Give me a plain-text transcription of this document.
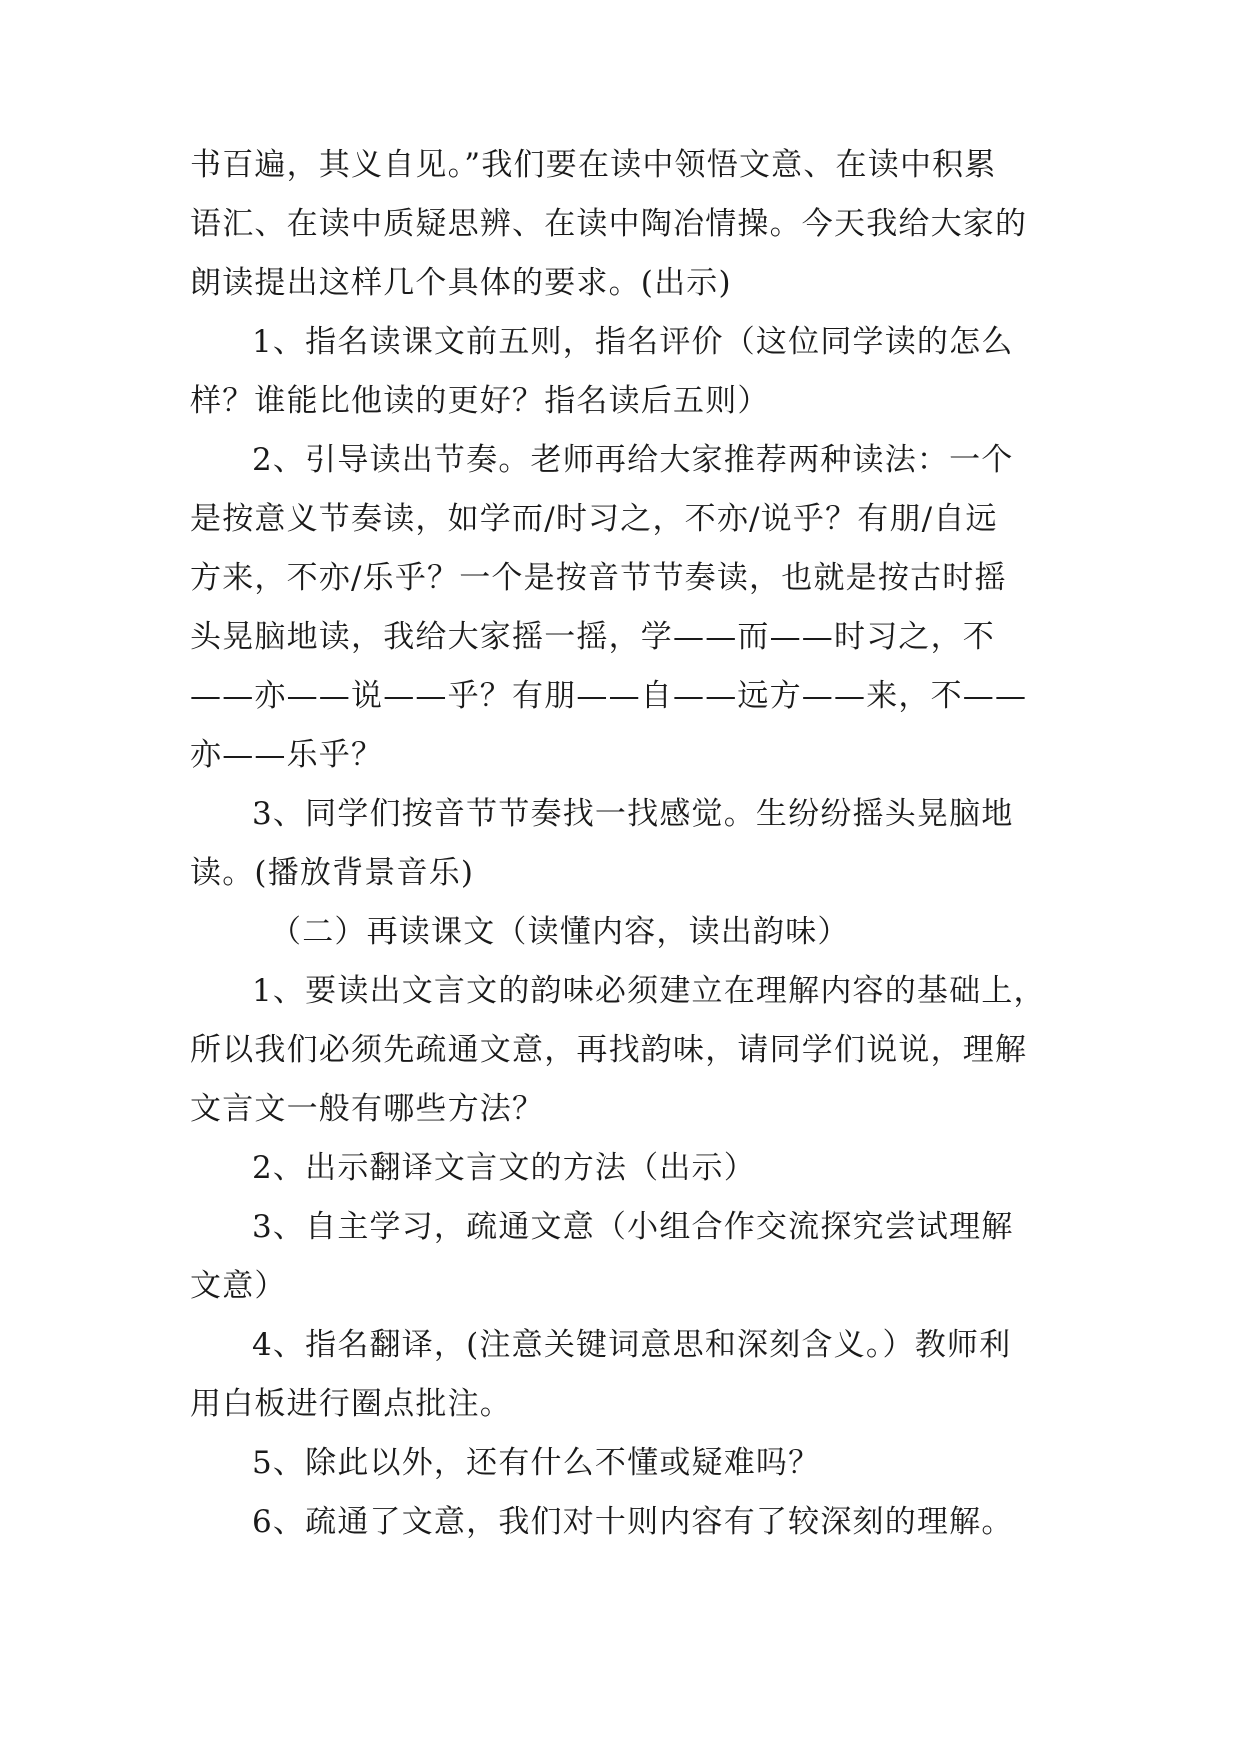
书百遍，其义自见。”我们要在读中领悟文意、在读中积累
语汇、在读中质疑思辨、在读中陶冶情操。今天我给大家的
朗读提出这样几个具体的要求。(出示)
1、指名读课文前五则，指名评价（这位同学读的怎么
样？谁能比他读的更好？指名读后五则）
2、引导读出节奏。老师再给大家推荐两种读法：一个
是按意义节奏读，如学而/时习之，不亦/说乎？有朋/自远
方来，不亦/乐乎？一个是按音节节奏读，也就是按古时摇
头晃脑地读，我给大家摇一摇，学——而——时习之，不
——亦——说——乎？有朋——自——远方——来，不——
亦——乐乎？
3、同学们按音节节奏找一找感觉。生纷纷摇头晃脑地
读。(播放背景音乐)
（二）再读课文（读懂内容，读出韵味）
1、要读出文言文的韵味必须建立在理解内容的基础上，
所以我们必须先疏通文意，再找韵味，请同学们说说，理解
文言文一般有哪些方法？
2、出示翻译文言文的方法（出示）
3、自主学习，疏通文意（小组合作交流探究尝试理解
文意）
4、指名翻译，(注意关键词意思和深刻含义。）教师利
用白板进行圈点批注。
5、除此以外，还有什么不懂或疑难吗？
6、疏通了文意，我们对十则内容有了较深刻的理解。
